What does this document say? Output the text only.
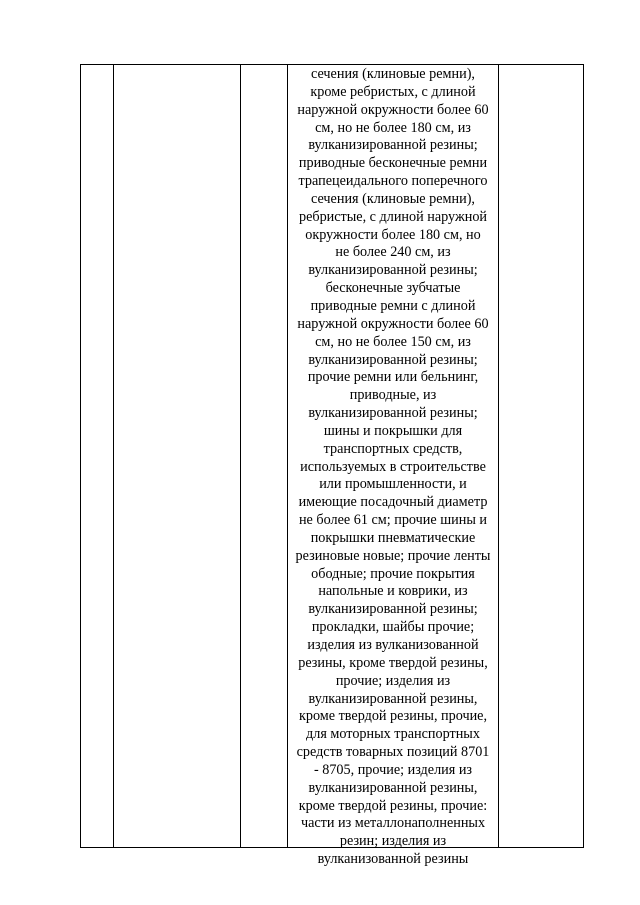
сечения (клиновые ремни),
кроме ребристых, с длиной
наружной окружности более 60
см, но не более 180 см, из
вулканизированной резины;
приводные бесконечные ремни
трапецеидального поперечного
сечения (клиновые ремни),
ребристые, с длиной наружной
окружности более 180 см, но
не более 240 см, из
вулканизированной резины;
бесконечные зубчатые
приводные ремни с длиной
наружной окружности более 60
см, но не более 150 см, из
вулканизированной резины;
прочие ремни или бельнинг,
приводные, из
вулканизированной резины;
шины и покрышки для
транспортных средств,
используемых в строительстве
или промышленности, и
имеющие посадочный диаметр
не более 61 см; прочие шины и
покрышки пневматические
резиновые новые; прочие ленты
ободные; прочие покрытия
напольные и коврики, из
вулканизированной резины;
прокладки, шайбы прочие;
изделия из вулканизованной
резины, кроме твердой резины,
прочие; изделия из
вулканизированной резины,
кроме твердой резины, прочие,
для моторных транспортных
средств товарных позиций 8701
- 8705, прочие; изделия из
вулканизированной резины,
кроме твердой резины, прочие:
части из металлонаполненных
резин; изделия из
вулканизованной резины
